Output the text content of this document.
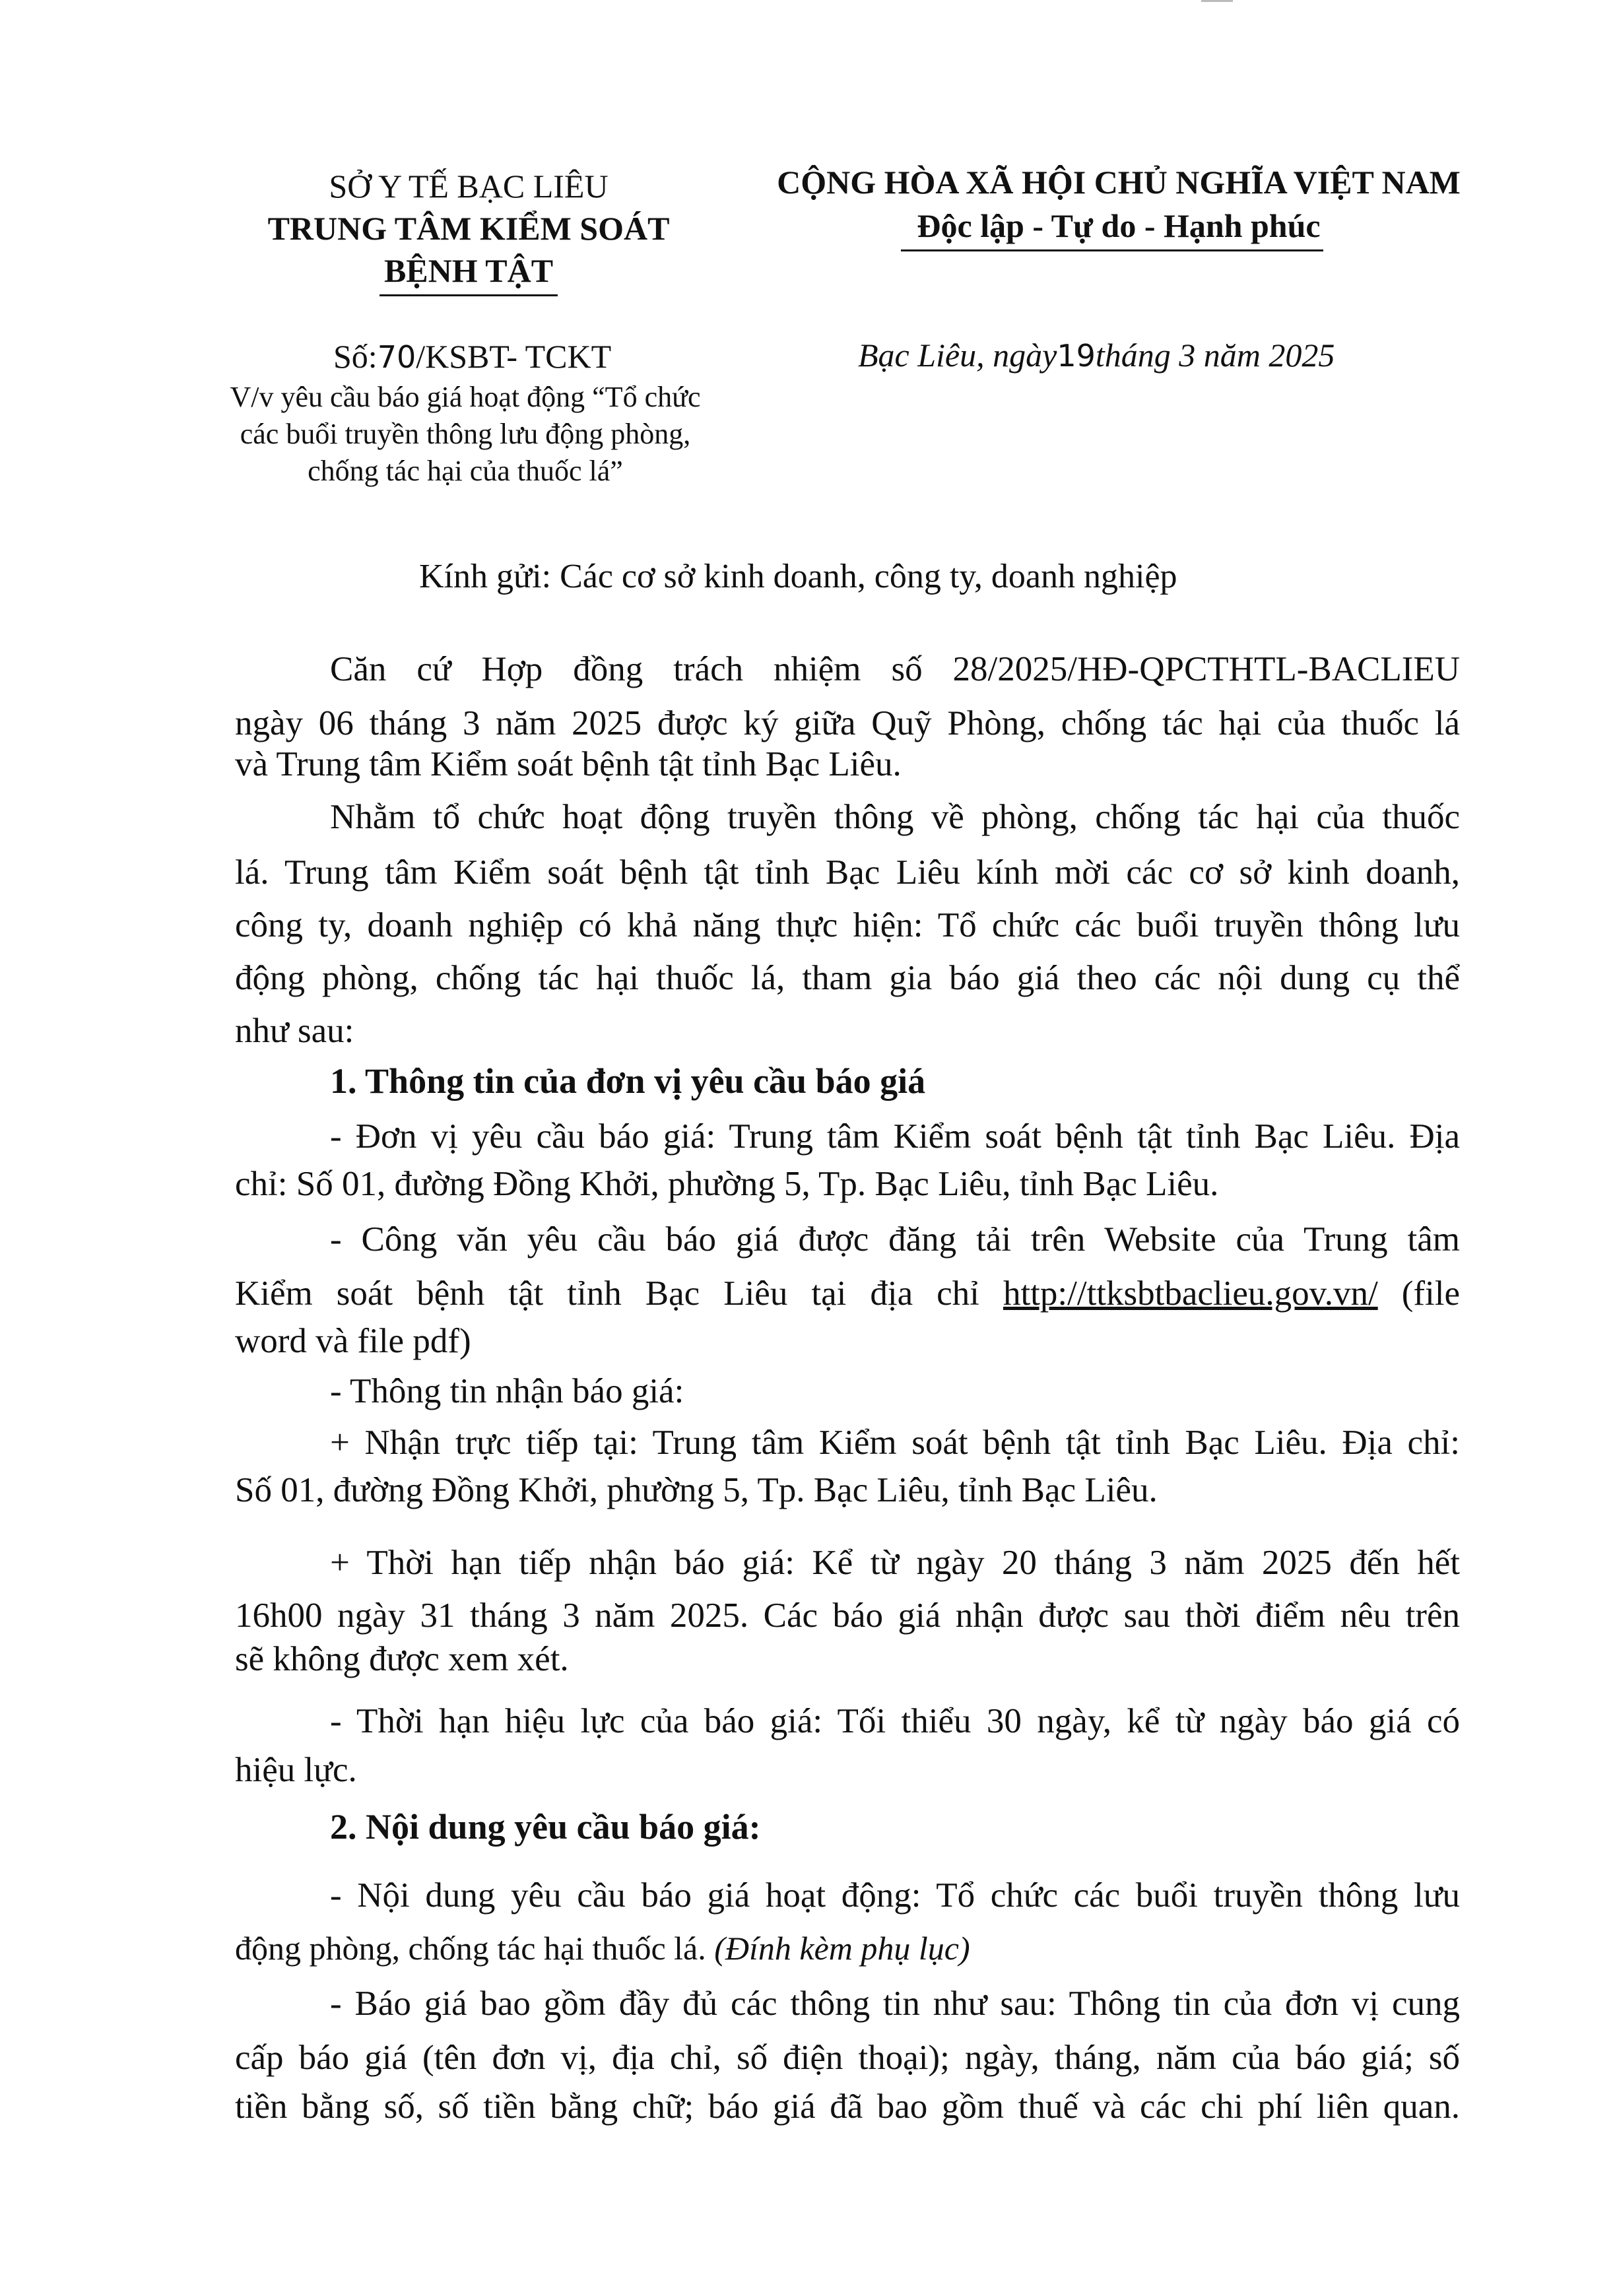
SỞ Y TẾ BẠC LIÊU
TRUNG TÂM KIỂM SOÁT
BỆNH TẬT
CỘNG HÒA XÃ HỘI CHỦ NGHĨA VIỆT NAM
Độc lập - Tự do - Hạnh phúc
Số:70/KSBT- TCKT
V/v yêu cầu báo giá hoạt động “Tổ chức
các buổi truyền thông lưu động phòng,
chống tác hại của thuốc lá”
Bạc Liêu, ngày19tháng 3 năm 2025
Kính gửi: Các cơ sở kinh doanh, công ty, doanh nghiệp
Căn cứ Hợp đồng trách nhiệm số 28/2025/HĐ-QPCTHTL-BACLIEU
ngày 06 tháng 3 năm 2025 được ký giữa Quỹ Phòng, chống tác hại của thuốc lá
và Trung tâm Kiểm soát bệnh tật tỉnh Bạc Liêu.
Nhằm tổ chức hoạt động truyền thông về phòng, chống tác hại của thuốc
lá. Trung tâm Kiểm soát bệnh tật tỉnh Bạc Liêu kính mời các cơ sở kinh doanh,
công ty, doanh nghiệp có khả năng thực hiện: Tổ chức các buổi truyền thông lưu
động phòng, chống tác hại thuốc lá, tham gia báo giá theo các nội dung cụ thể
như sau:
1. Thông tin của đơn vị yêu cầu báo giá
- Đơn vị yêu cầu báo giá: Trung tâm Kiểm soát bệnh tật tỉnh Bạc Liêu. Địa
chỉ: Số 01, đường Đồng Khởi, phường 5, Tp. Bạc Liêu, tỉnh Bạc Liêu.
- Công văn yêu cầu báo giá được đăng tải trên Website của Trung tâm
Kiểm soát bệnh tật tỉnh Bạc Liêu tại địa chỉ http://ttksbtbaclieu.gov.vn/ (file
word và file pdf)
- Thông tin nhận báo giá:
+ Nhận trực tiếp tại: Trung tâm Kiểm soát bệnh tật tỉnh Bạc Liêu. Địa chỉ:
Số 01, đường Đồng Khởi, phường 5, Tp. Bạc Liêu, tỉnh Bạc Liêu.
+ Thời hạn tiếp nhận báo giá: Kể từ ngày 20 tháng 3 năm 2025 đến hết
16h00 ngày 31 tháng 3 năm 2025. Các báo giá nhận được sau thời điểm nêu trên
sẽ không được xem xét.
- Thời hạn hiệu lực của báo giá: Tối thiểu 30 ngày, kể từ ngày báo giá có
hiệu lực.
2. Nội dung yêu cầu báo giá:
- Nội dung yêu cầu báo giá hoạt động: Tổ chức các buổi truyền thông lưu
động phòng, chống tác hại thuốc lá. (Đính kèm phụ lục)
- Báo giá bao gồm đầy đủ các thông tin như sau: Thông tin của đơn vị cung
cấp báo giá (tên đơn vị, địa chỉ, số điện thoại); ngày, tháng, năm của báo giá; số
tiền bằng số, số tiền bằng chữ; báo giá đã bao gồm thuế và các chi phí liên quan.
